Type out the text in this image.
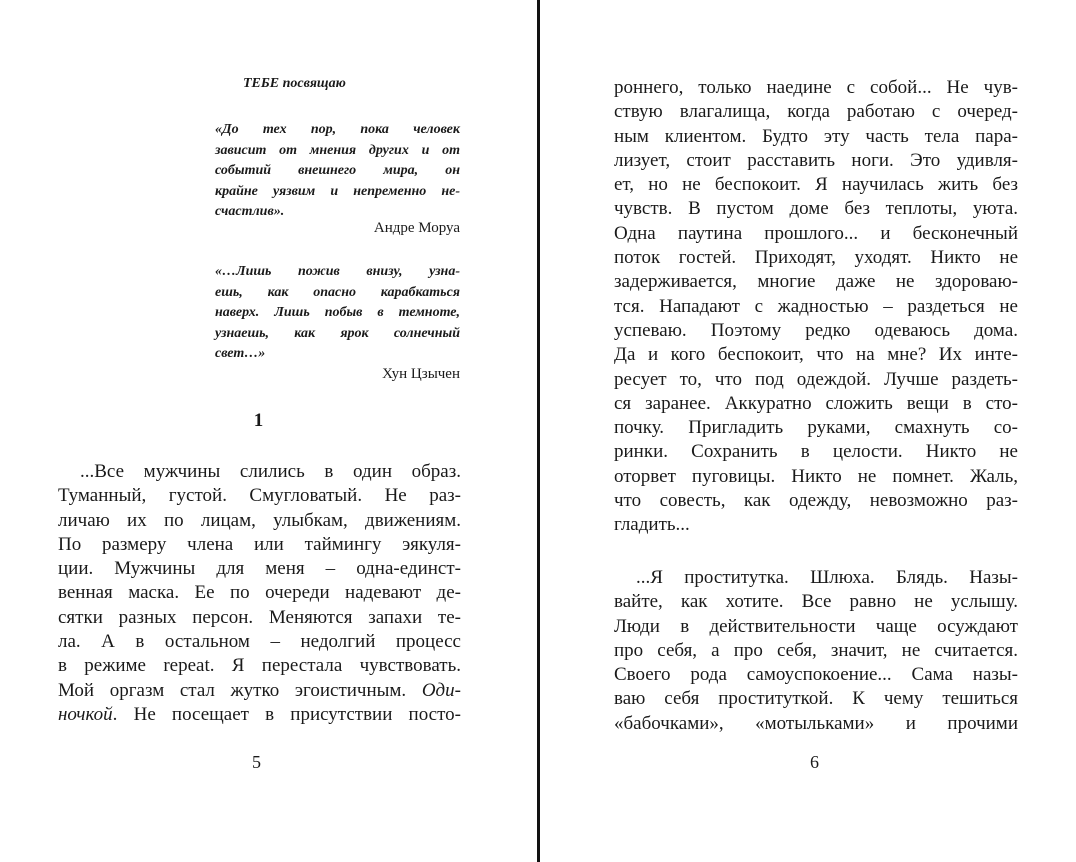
ТЕБЕ посвящаю
«До тех пор, пока человек
зависит от мнения других и от
событий внешнего мира, он
крайне уязвим и непременно не-
счастлив».
Андре Моруа
«…Лишь пожив внизу, узна-
ешь, как опасно карабкаться
наверх. Лишь побыв в темноте,
узнаешь, как ярок солнечный
свет…»
Хун Цзычен
1
...Все мужчины слились в один образ.
Туманный, густой. Смугловатый. Не раз-
личаю их по лицам, улыбкам, движениям.
По размеру члена или таймингу эякуля-
ции. Мужчины для меня – одна-единст-
венная маска. Ее по очереди надевают де-
сятки разных персон. Меняются запахи те-
ла. А в остальном – недолгий процесс
в режиме repeat. Я перестала чувствовать.
Мой оргазм стал жутко эгоистичным. Оди-
ночкой. Не посещает в присутствии посто-
5
роннего, только наедине с собой... Не чув-
ствую влагалища, когда работаю с очеред-
ным клиентом. Будто эту часть тела пара-
лизует, стоит расставить ноги. Это удивля-
ет, но не беспокоит. Я научилась жить без
чувств. В пустом доме без теплоты, уюта.
Одна паутина прошлого... и бесконечный
поток гостей. Приходят, уходят. Никто не
задерживается, многие даже не здороваю-
тся. Нападают с жадностью – раздеться не
успеваю. Поэтому редко одеваюсь дома.
Да и кого беспокоит, что на мне? Их инте-
ресует то, что под одеждой. Лучше раздеть-
ся заранее. Аккуратно сложить вещи в сто-
почку. Пригладить руками, смахнуть со-
ринки. Сохранить в целости. Никто не
оторвет пуговицы. Никто не помнет. Жаль,
что совесть, как одежду, невозможно раз-
гладить...
...Я проститутка. Шлюха. Блядь. Назы-
вайте, как хотите. Все равно не услышу.
Люди в действительности чаще осуждают
про себя, а про себя, значит, не считается.
Своего рода самоуспокоение... Сама назы-
ваю себя проституткой. К чему тешиться
«бабочками», «мотыльками» и прочими
6
